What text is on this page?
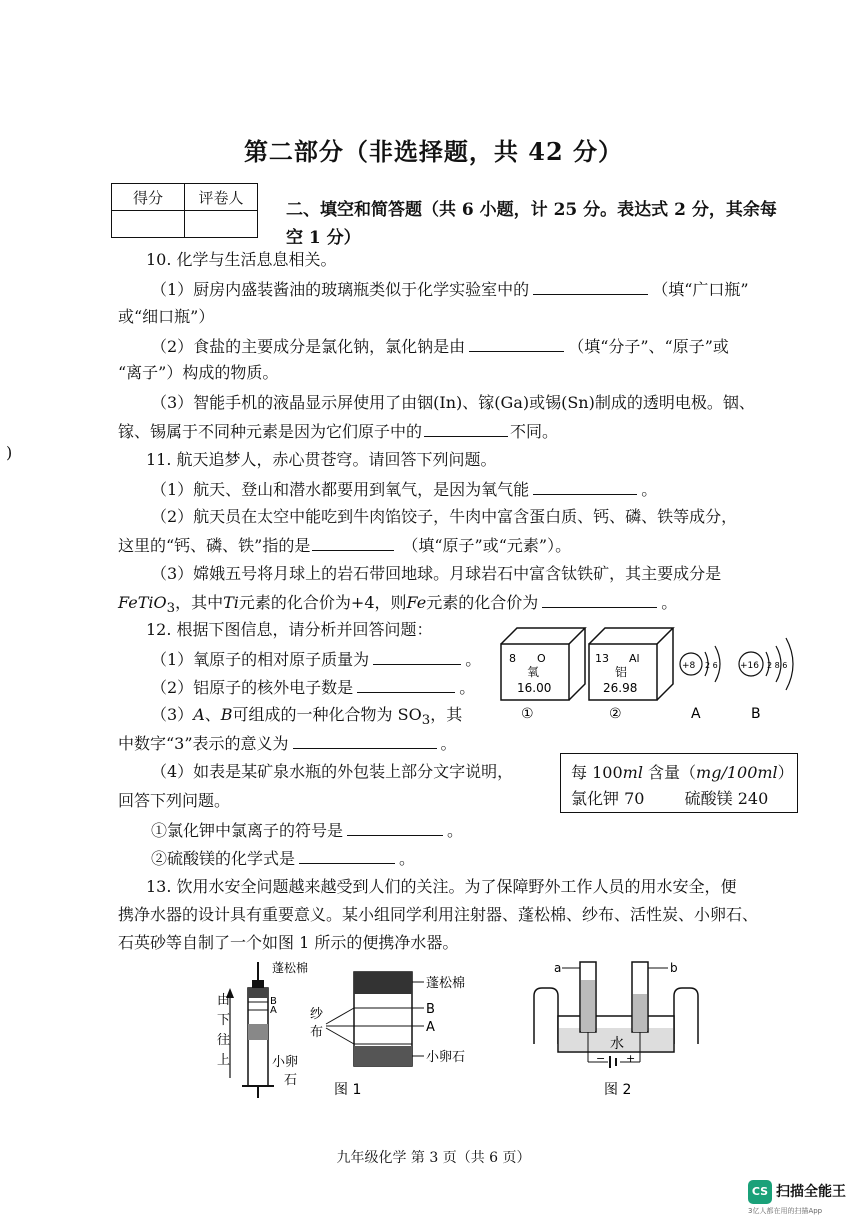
第二部分（非选择题，共 42 分）
得分	评卷人

二、填空和简答题（共 6 小题，计 25 分。表达式 2 分，其余每
空 1 分）
10. 化学与生活息息相关。
（1）厨房内盛装酱油的玻璃瓶类似于化学实验室中的	（填“广口瓶”
或“细口瓶”）
（2）食盐的主要成分是氯化钠，氯化钠是由	（填“分子”、“原子”或
“离子”）构成的物质。
（3）智能手机的液晶显示屏使用了由铟(In)、镓(Ga)或锡(Sn)制成的透明电极。铟、
镓、锡属于不同种元素是因为它们原子中的	不同。
)	11. 航天追梦人，赤心贯苍穹。请回答下列问题。
（1）航天、登山和潜水都要用到氧气，是因为氧气能	。
（2）航天员在太空中能吃到牛肉馅饺子，牛肉中富含蛋白质、钙、磷、铁等成分，
这里的“钙、磷、铁”指的是	（填“原子”或“元素”）。
（3）嫦娥五号将月球上的岩石带回地球。月球岩石中富含钛铁矿，其主要成分是
FeTiO$_3$，其中Ti元素的化合价为+4，则Fe元素的化合价为	。
12. 根据下图信息，请分析并回答问题：
（1）氧原子的相对原子质量为	。
（2）铝原子的核外电子数是	。
（3）A、B可组成的一种化合物为 $SO_3$，其
中数字“3”表示的意义为	。
（4）如表是某矿泉水瓶的外包装上部分文字说明，
回答下列问题。
①氯化钾中氯离子的符号是	。
②硫酸镁的化学式是	。
每 100ml 含量（mg/100ml）
氯化钾 70	硫酸镁 240
8 O
氧
16.00
①
13 Al
铝
26.98
②
+8 2 6
A
+16 2 8 6
B
13. 饮用水安全问题越来越受到人们的关注。为了保障野外工作人员的用水安全，便
携净水器的设计具有重要意义。某小组同学利用注射器、蓬松棉、纱布、活性炭、小卵石、
石英砂等自制了一个如图 1 所示的便携净水器。
蓬松棉
B
A
由
下
往
上
纱
布
小卵
石
蓬松棉
B
A
小卵石
图 1
a	b
水
− +
图 2
九年级化学 第 3 页（共 6 页）
CS 扫描全能王
3亿人都在用的扫描App
